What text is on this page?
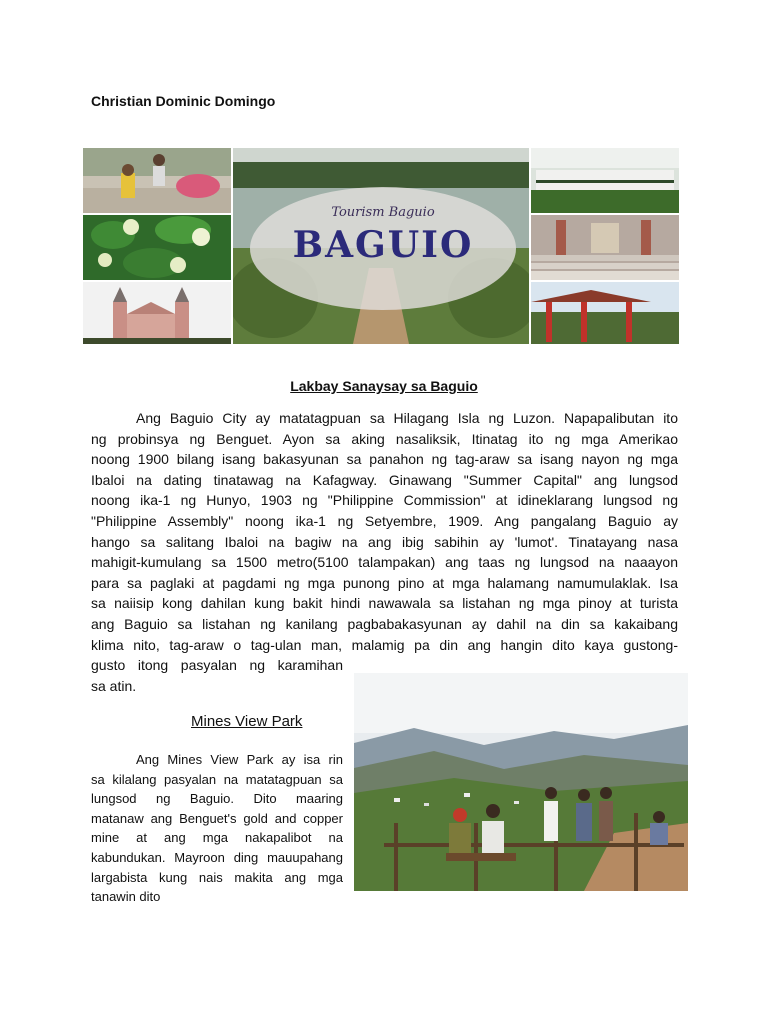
Christian Dominic Domingo
Tourism Baguio
BAGUIO
Lakbay Sanaysay sa Baguio

Ang Baguio City ay matatagpuan sa Hilagang Isla ng Luzon. Napapalibutan ito
ng probinsya ng Benguet. Ayon sa aking nasaliksik, Itinatag ito ng mga Amerikao
noong 1900 bilang isang bakasyunan sa panahon ng tag-araw sa isang nayon ng mga
Ibaloi na dating tinatawag na Kafagway. Ginawang "Summer Capital" ang lungsod
noong ika-1 ng Hunyo, 1903 ng "Philippine Commission" at idineklarang lungsod ng
"Philippine Assembly" noong ika-1 ng Setyembre, 1909. Ang pangalang Baguio ay
hango sa salitang Ibaloi na bagiw na ang ibig sabihin ay 'lumot'. Tinatayang nasa
mahigit-kumulang sa 1500 metro(5100 talampakan) ang taas ng lungsod na naaayon
para sa paglaki at pagdami ng mga punong pino at mga halamang namumulaklak. Isa
sa naiisip kong dahilan kung bakit hindi nawawala sa listahan ng mga pinoy at turista
ang Baguio sa listahan ng kanilang pagbabakasyunan ay dahil na din sa kakaibang
klima nito, tag-araw o tag-ulan man, malamig pa din ang hangin dito kaya gustong-
gusto itong pasyalan ng karamihan
sa atin.

Mines View Park

Ang Mines View Park ay isa rin
sa kilalang pasyalan na matatagpuan sa
lungsod ng Baguio. Dito maaring
matanaw ang Benguet's gold and copper
mine at ang mga nakapalibot na
kabundukan. Mayroon ding mauupahang
largabista kung nais makita ang mga
tanawin dito
